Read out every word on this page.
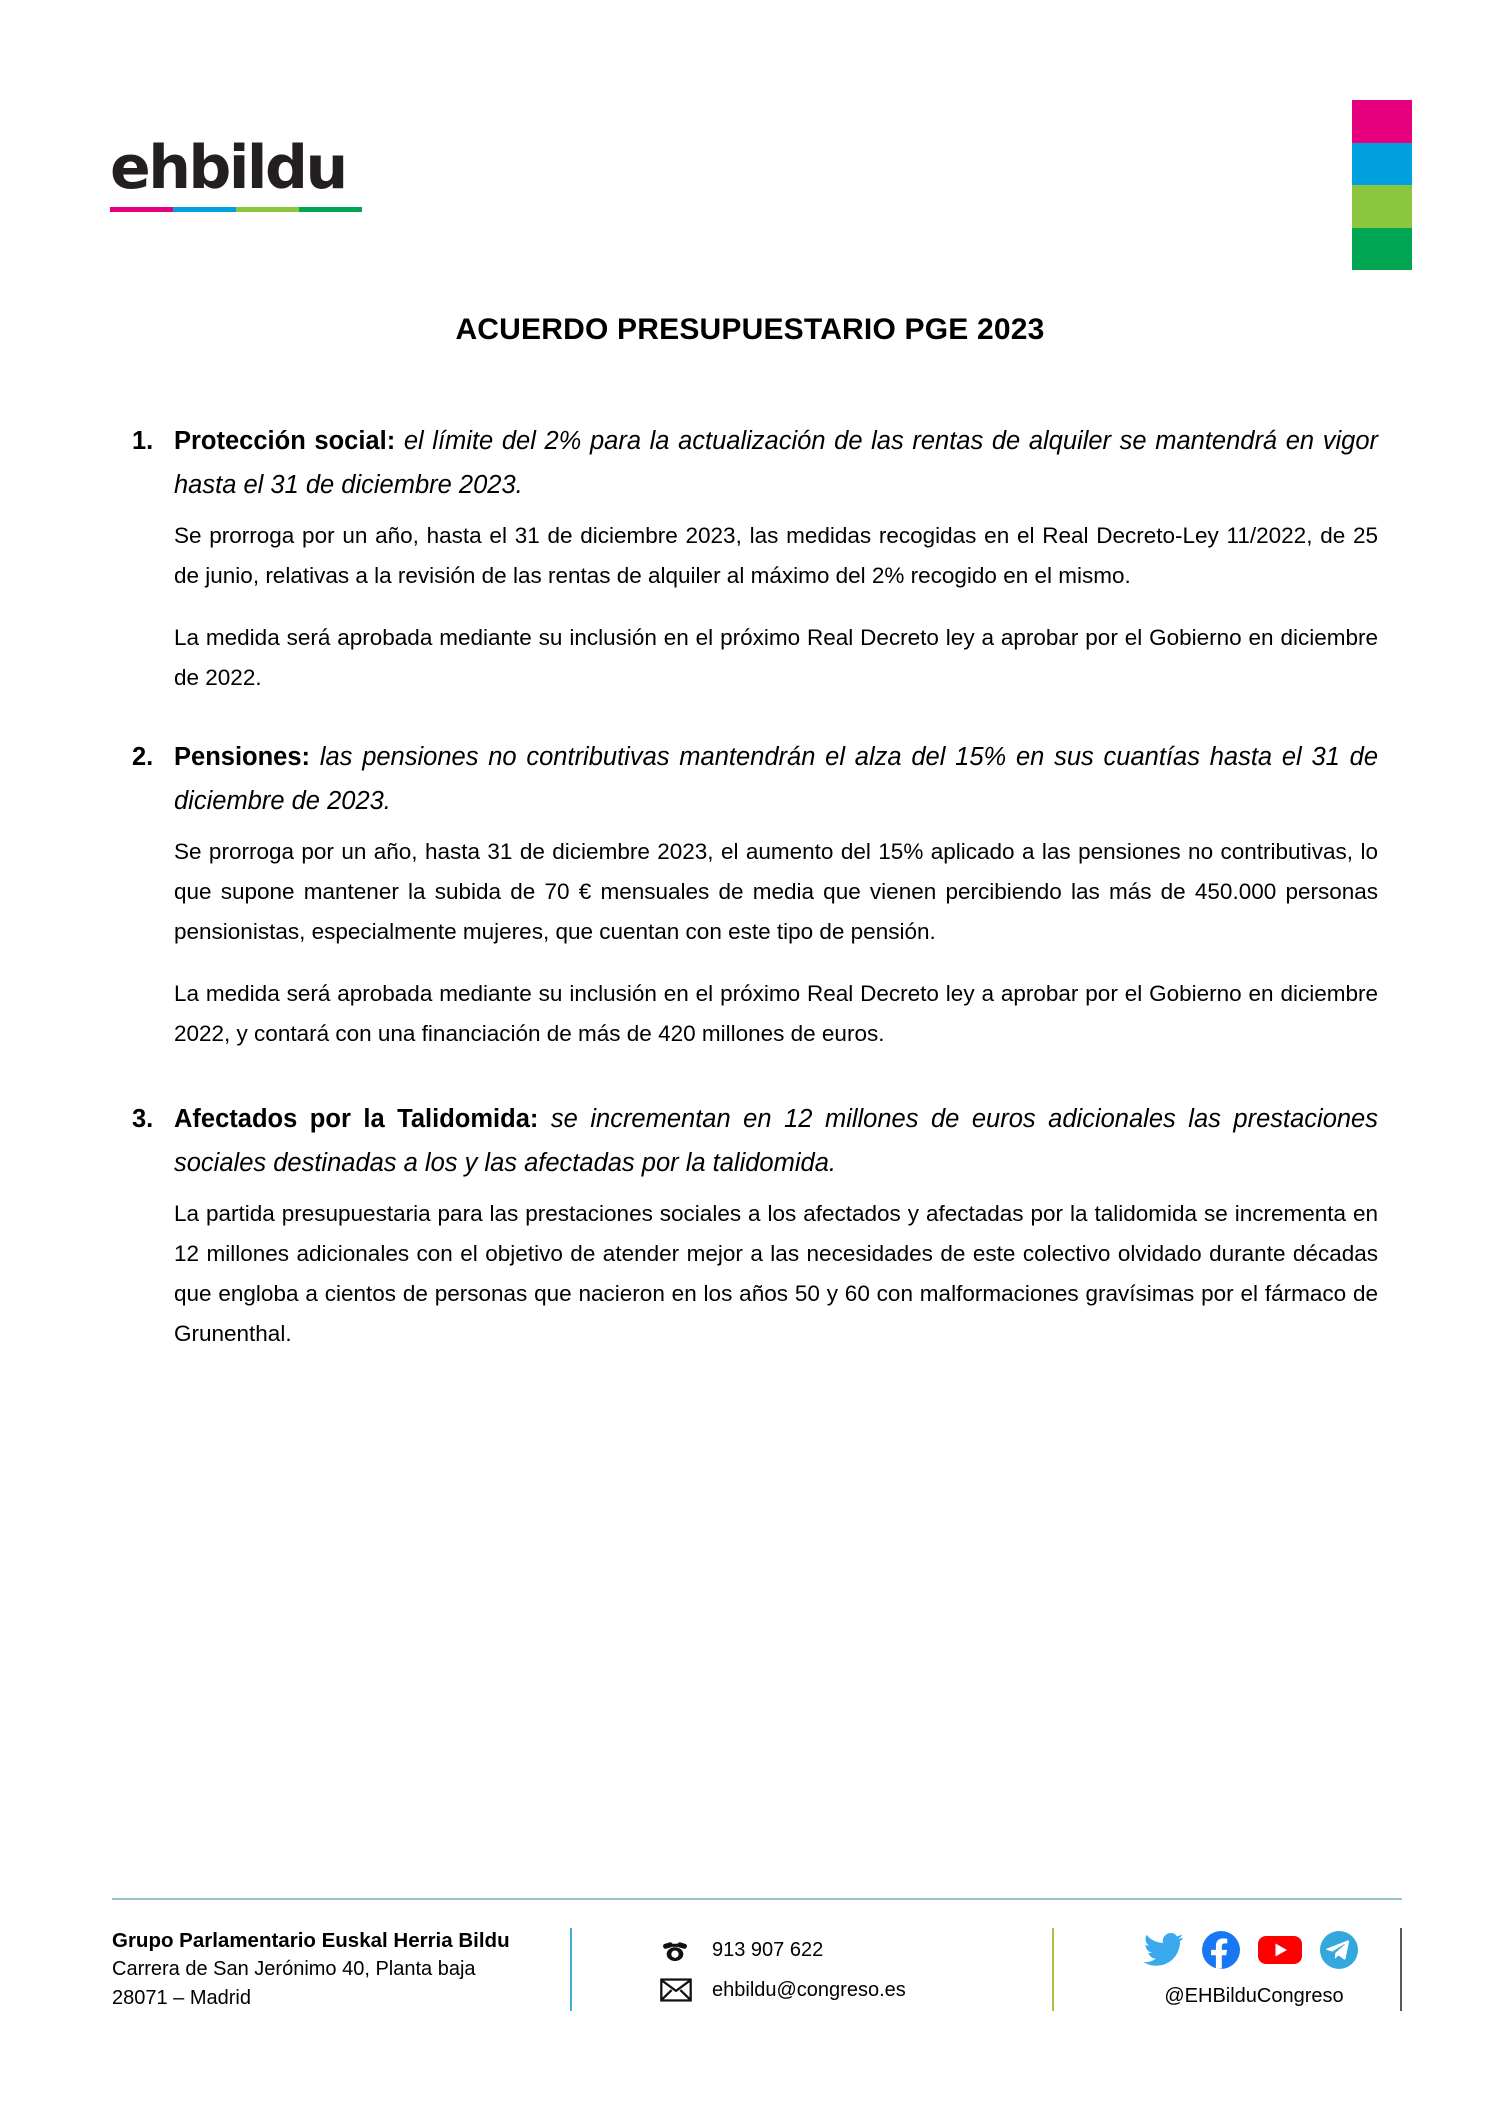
ehbildu
ACUERDO PRESUPUESTARIO PGE 2023
1. Protección social: el límite del 2% para la actualización de las rentas de alquiler se mantendrá en vigor hasta el 31 de diciembre 2023.

Se prorroga por un año, hasta el 31 de diciembre 2023, las medidas recogidas en el Real Decreto-Ley 11/2022, de 25 de junio, relativas a la revisión de las rentas de alquiler al máximo del 2% recogido en el mismo.

La medida será aprobada mediante su inclusión en el próximo Real Decreto ley a aprobar por el Gobierno en diciembre de 2022.

2. Pensiones: las pensiones no contributivas mantendrán el alza del 15% en sus cuantías hasta el 31 de diciembre de 2023.

Se prorroga por un año, hasta 31 de diciembre 2023, el aumento del 15% aplicado a las pensiones no contributivas, lo que supone mantener la subida de 70 € mensuales de media que vienen percibiendo las más de 450.000 personas pensionistas, especialmente mujeres, que cuentan con este tipo de pensión.

La medida será aprobada mediante su inclusión en el próximo Real Decreto ley a aprobar por el Gobierno en diciembre 2022, y contará con una financiación de más de 420 millones de euros.

3. Afectados por la Talidomida: se incrementan en 12 millones de euros adicionales las prestaciones sociales destinadas a los y las afectadas por la talidomida.

La partida presupuestaria para las prestaciones sociales a los afectados y afectadas por la talidomida se incrementa en 12 millones adicionales con el objetivo de atender mejor a las necesidades de este colectivo olvidado durante décadas que engloba a cientos de personas que nacieron en los años 50 y 60 con malformaciones gravísimas por el fármaco de Grunenthal.

Grupo Parlamentario Euskal Herria Bildu
Carrera de San Jerónimo 40, Planta baja
28071 – Madrid
913 907 622
ehbildu@congreso.es	@EHBilduCongreso
